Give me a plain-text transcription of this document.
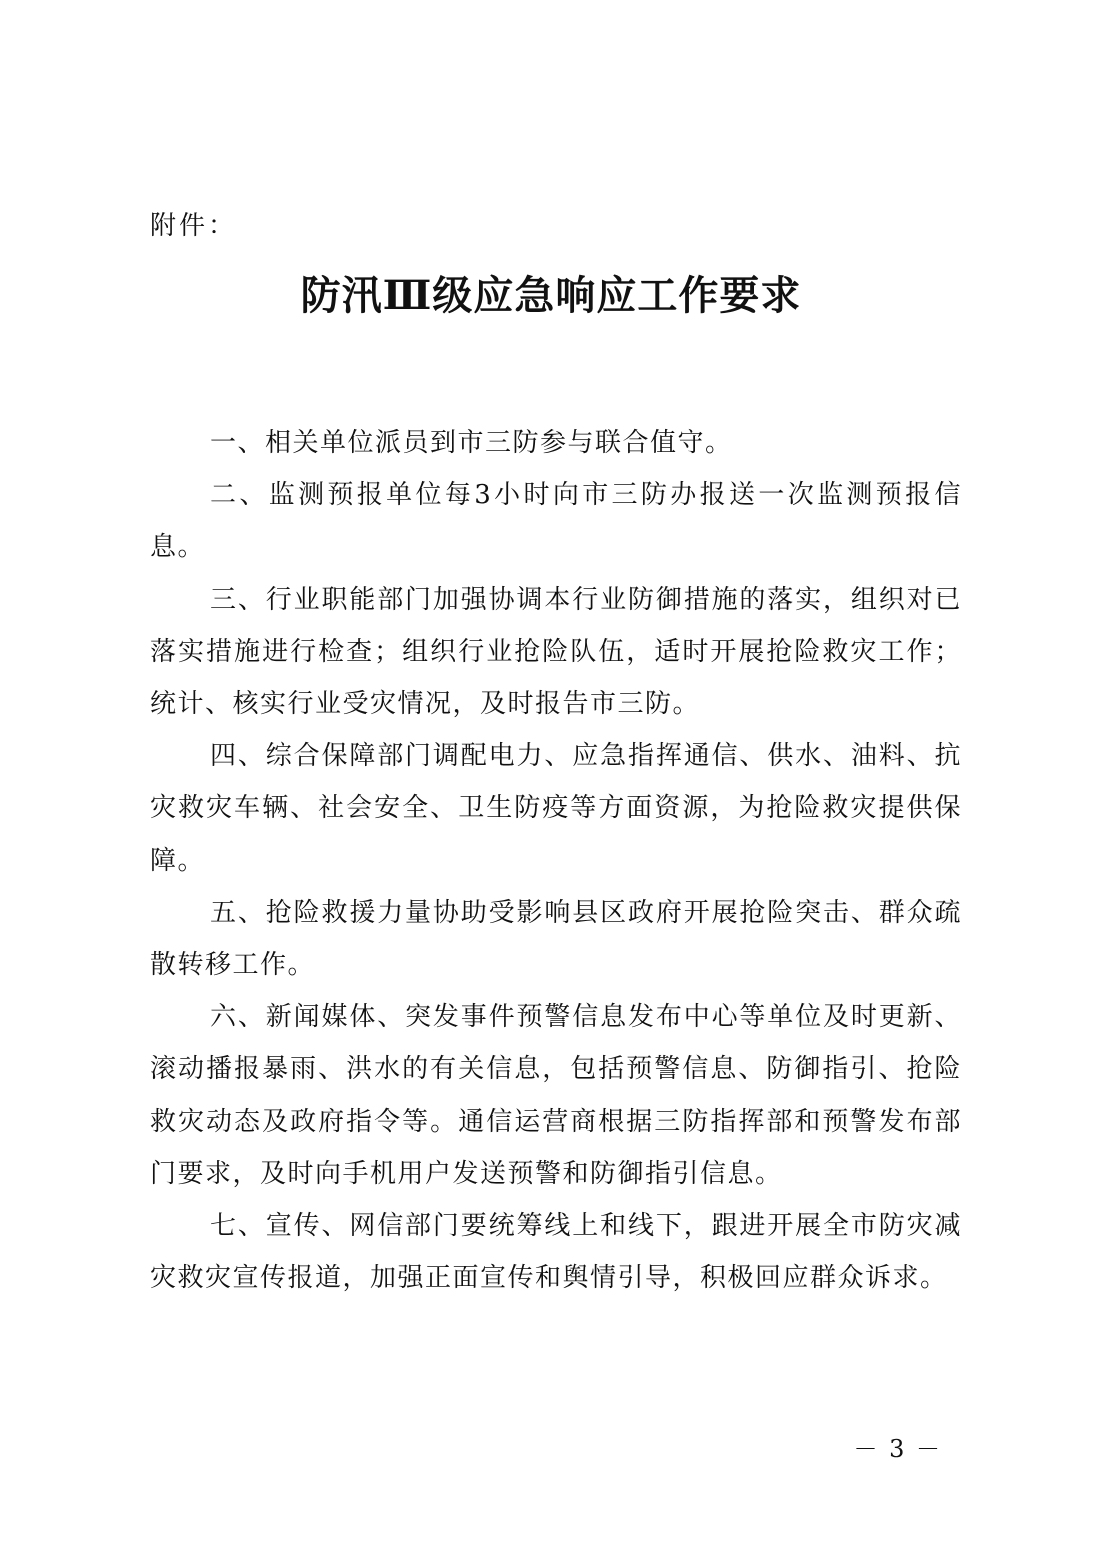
附件：
防汛Ⅲ级应急响应工作要求

一、相关单位派员到市三防参与联合值守。

二、监测预报单位每3小时向市三防办报送一次监测预报信息。

三、行业职能部门加强协调本行业防御措施的落实，组织对已落实措施进行检查；组织行业抢险队伍，适时开展抢险救灾工作；统计、核实行业受灾情况，及时报告市三防。

四、综合保障部门调配电力、应急指挥通信、供水、油料、抗灾救灾车辆、社会安全、卫生防疫等方面资源，为抢险救灾提供保障。

五、抢险救援力量协助受影响县区政府开展抢险突击、群众疏散转移工作。

六、新闻媒体、突发事件预警信息发布中心等单位及时更新、滚动播报暴雨、洪水的有关信息，包括预警信息、防御指引、抢险救灾动态及政府指令等。通信运营商根据三防指挥部和预警发布部门要求，及时向手机用户发送预警和防御指引信息。

七、宣传、网信部门要统筹线上和线下，跟进开展全市防灾减灾救灾宣传报道，加强正面宣传和舆情引导，积极回应群众诉求。

－ 3 －
